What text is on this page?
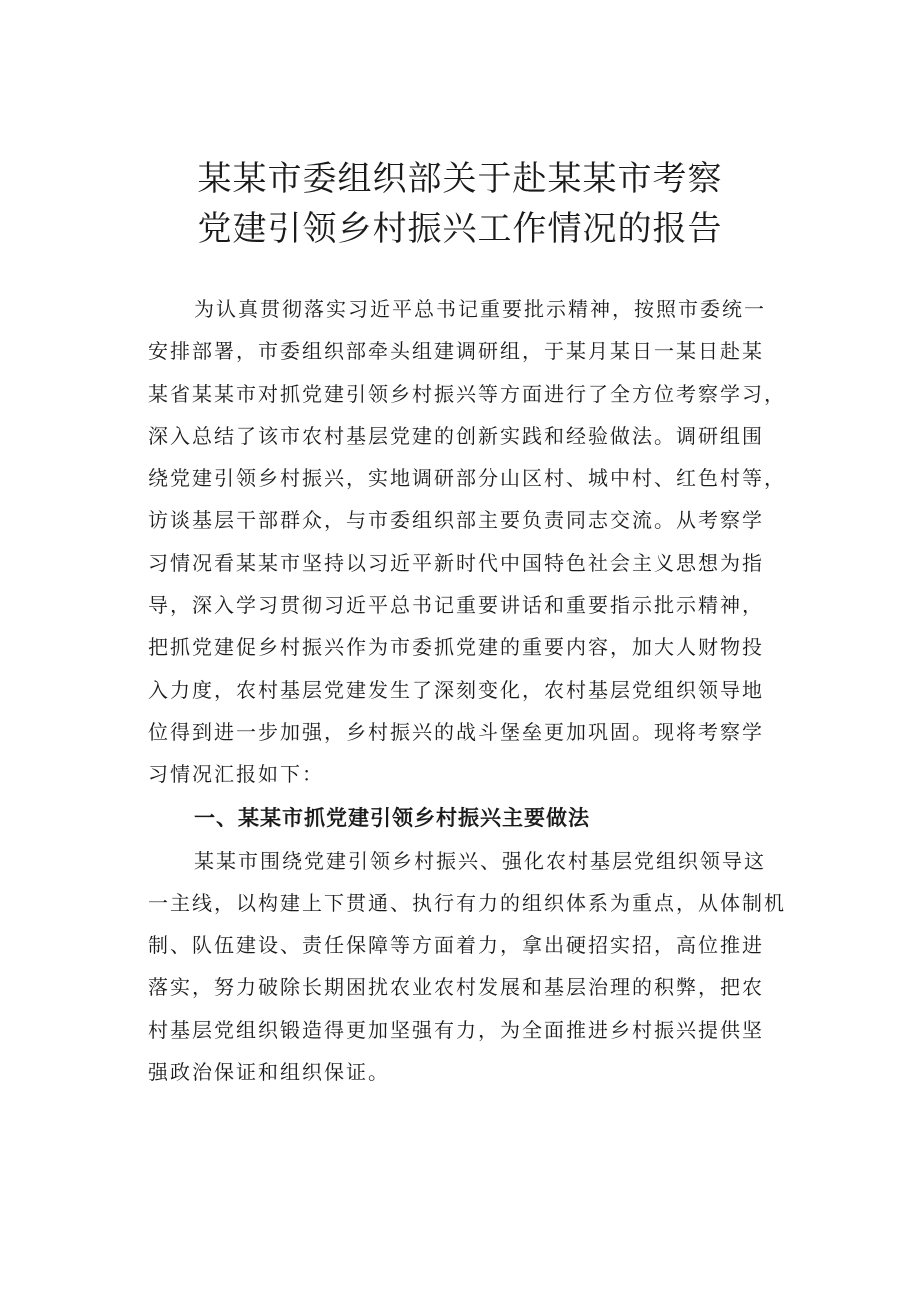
某某市委组织部关于赴某某市考察
党建引领乡村振兴工作情况的报告
为认真贯彻落实习近平总书记重要批示精神，按照市委统一
安排部署，市委组织部牵头组建调研组，于某月某日一某日赴某
某省某某市对抓党建引领乡村振兴等方面进行了全方位考察学习，
深入总结了该市农村基层党建的创新实践和经验做法。调研组围
绕党建引领乡村振兴，实地调研部分山区村、城中村、红色村等，
访谈基层干部群众，与市委组织部主要负责同志交流。从考察学
习情况看某某市坚持以习近平新时代中国特色社会主义思想为指
导，深入学习贯彻习近平总书记重要讲话和重要指示批示精神，
把抓党建促乡村振兴作为市委抓党建的重要内容，加大人财物投
入力度，农村基层党建发生了深刻变化，农村基层党组织领导地
位得到进一步加强，乡村振兴的战斗堡垒更加巩固。现将考察学
习情况汇报如下：
一、某某市抓党建引领乡村振兴主要做法
某某市围绕党建引领乡村振兴、强化农村基层党组织领导这
一主线，以构建上下贯通、执行有力的组织体系为重点，从体制机
制、队伍建设、责任保障等方面着力，拿出硬招实招，高位推进
落实，努力破除长期困扰农业农村发展和基层治理的积弊，把农
村基层党组织锻造得更加坚强有力，为全面推进乡村振兴提供坚
强政治保证和组织保证。
